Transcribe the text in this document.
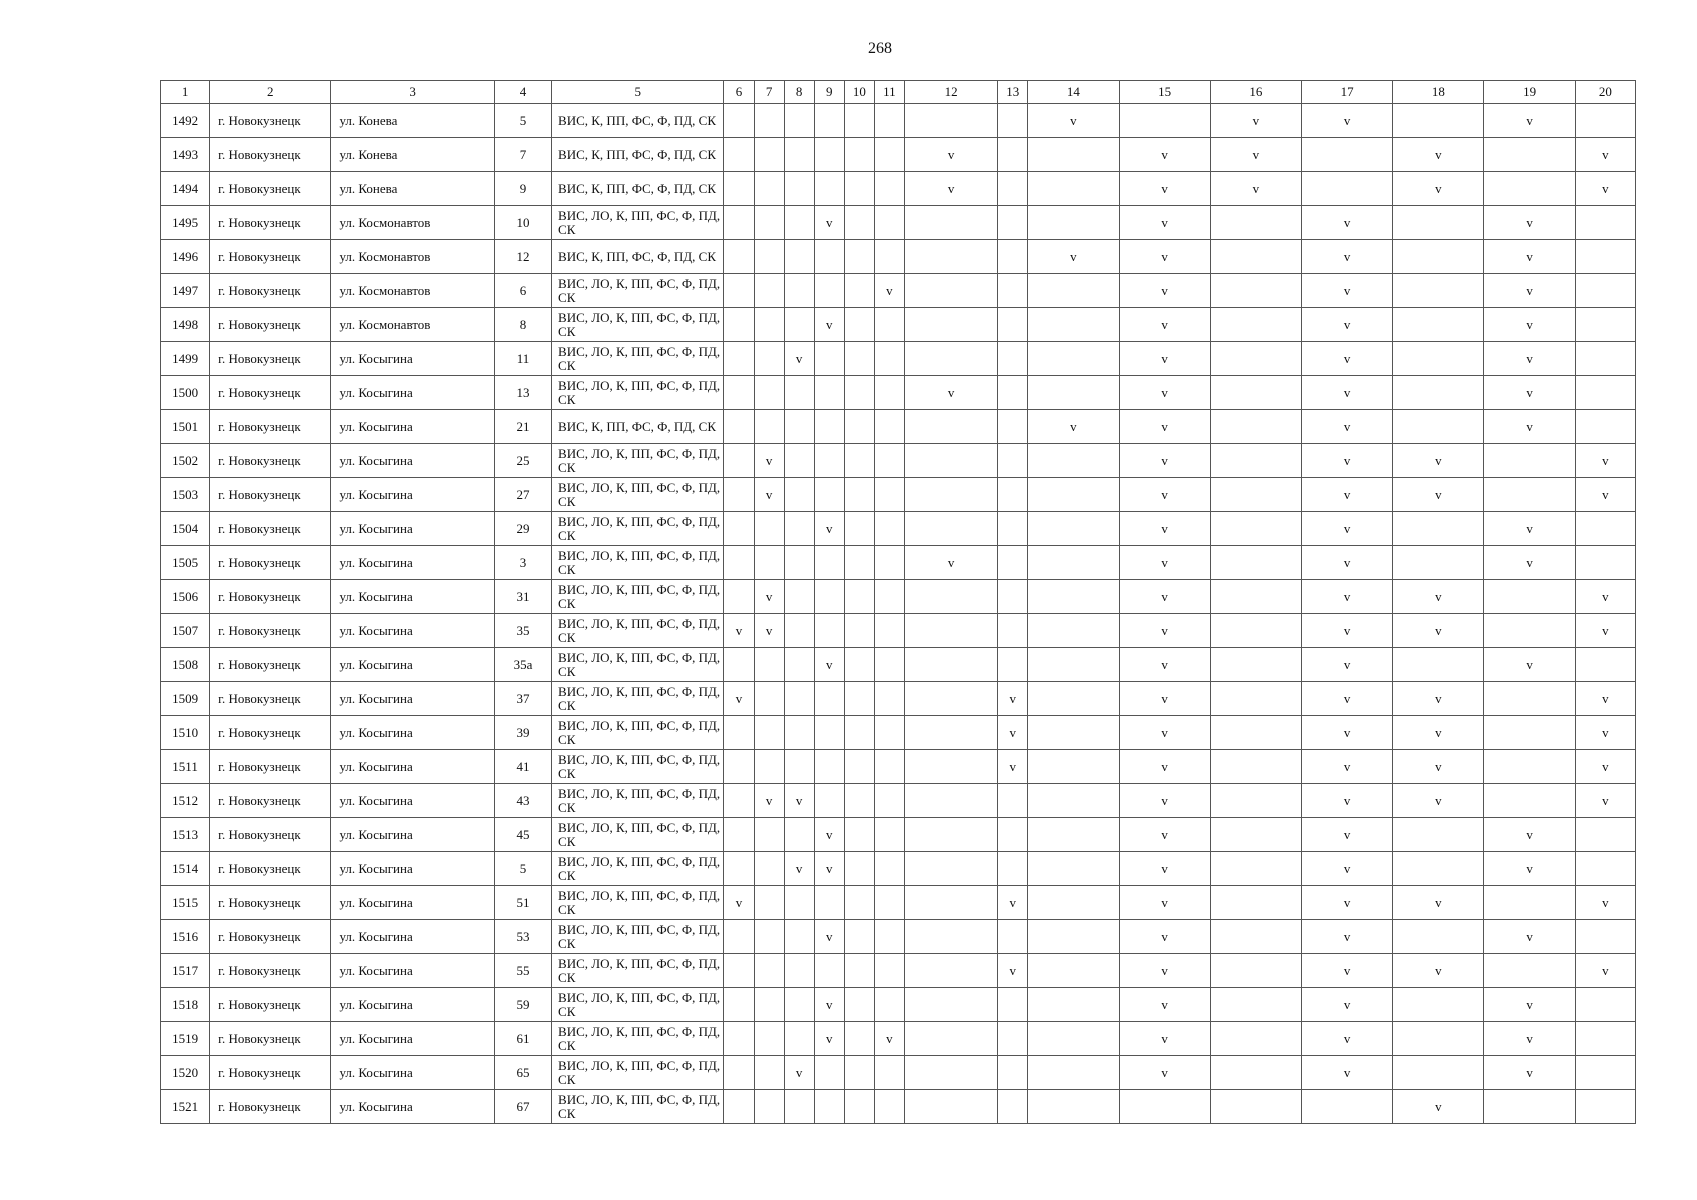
268
1	2	3	4	5	6	7	8	9	10	11	12	13	14	15	16	17	18	19	20
1492	г. Новокузнецк	ул. Конева	5	ВИС, К, ПП, ФС, Ф, ПД, СК									v		v	v		v	
1493	г. Новокузнецк	ул. Конева	7	ВИС, К, ПП, ФС, Ф, ПД, СК							v			v	v		v		v
1494	г. Новокузнецк	ул. Конева	9	ВИС, К, ПП, ФС, Ф, ПД, СК							v			v	v		v		v
1495	г. Новокузнецк	ул. Космонавтов	10	ВИС, ЛО, К, ПП, ФС, Ф, ПД, СК				v						v		v		v	
1496	г. Новокузнецк	ул. Космонавтов	12	ВИС, К, ПП, ФС, Ф, ПД, СК									v	v		v		v	
1497	г. Новокузнецк	ул. Космонавтов	6	ВИС, ЛО, К, ПП, ФС, Ф, ПД, СК						v				v		v		v	
1498	г. Новокузнецк	ул. Космонавтов	8	ВИС, ЛО, К, ПП, ФС, Ф, ПД, СК				v						v		v		v	
1499	г. Новокузнецк	ул. Косыгина	11	ВИС, ЛО, К, ПП, ФС, Ф, ПД, СК			v							v		v		v	
1500	г. Новокузнецк	ул. Косыгина	13	ВИС, ЛО, К, ПП, ФС, Ф, ПД, СК							v			v		v		v	
1501	г. Новокузнецк	ул. Косыгина	21	ВИС, К, ПП, ФС, Ф, ПД, СК									v	v		v		v	
1502	г. Новокузнецк	ул. Косыгина	25	ВИС, ЛО, К, ПП, ФС, Ф, ПД, СК		v								v		v	v		v
1503	г. Новокузнецк	ул. Косыгина	27	ВИС, ЛО, К, ПП, ФС, Ф, ПД, СК		v								v		v	v		v
1504	г. Новокузнецк	ул. Косыгина	29	ВИС, ЛО, К, ПП, ФС, Ф, ПД, СК				v						v		v		v	
1505	г. Новокузнецк	ул. Косыгина	3	ВИС, ЛО, К, ПП, ФС, Ф, ПД, СК							v			v		v		v	
1506	г. Новокузнецк	ул. Косыгина	31	ВИС, ЛО, К, ПП, ФС, Ф, ПД, СК		v								v		v	v		v
1507	г. Новокузнецк	ул. Косыгина	35	ВИС, ЛО, К, ПП, ФС, Ф, ПД, СК	v	v								v		v	v		v
1508	г. Новокузнецк	ул. Косыгина	35а	ВИС, ЛО, К, ПП, ФС, Ф, ПД, СК				v						v		v		v	
1509	г. Новокузнецк	ул. Косыгина	37	ВИС, ЛО, К, ПП, ФС, Ф, ПД, СК	v							v		v		v	v		v
1510	г. Новокузнецк	ул. Косыгина	39	ВИС, ЛО, К, ПП, ФС, Ф, ПД, СК								v		v		v	v		v
1511	г. Новокузнецк	ул. Косыгина	41	ВИС, ЛО, К, ПП, ФС, Ф, ПД, СК								v		v		v	v		v
1512	г. Новокузнецк	ул. Косыгина	43	ВИС, ЛО, К, ПП, ФС, Ф, ПД, СК		v	v							v		v	v		v
1513	г. Новокузнецк	ул. Косыгина	45	ВИС, ЛО, К, ПП, ФС, Ф, ПД, СК				v						v		v		v	
1514	г. Новокузнецк	ул. Косыгина	5	ВИС, ЛО, К, ПП, ФС, Ф, ПД, СК			v	v						v		v		v	
1515	г. Новокузнецк	ул. Косыгина	51	ВИС, ЛО, К, ПП, ФС, Ф, ПД, СК	v							v		v		v	v		v
1516	г. Новокузнецк	ул. Косыгина	53	ВИС, ЛО, К, ПП, ФС, Ф, ПД, СК				v						v		v		v	
1517	г. Новокузнецк	ул. Косыгина	55	ВИС, ЛО, К, ПП, ФС, Ф, ПД, СК								v		v		v	v		v
1518	г. Новокузнецк	ул. Косыгина	59	ВИС, ЛО, К, ПП, ФС, Ф, ПД, СК				v						v		v		v	
1519	г. Новокузнецк	ул. Косыгина	61	ВИС, ЛО, К, ПП, ФС, Ф, ПД, СК				v		v				v		v		v	
1520	г. Новокузнецк	ул. Косыгина	65	ВИС, ЛО, К, ПП, ФС, Ф, ПД, СК			v							v		v		v	
1521	г. Новокузнецк	ул. Косыгина	67	ВИС, ЛО, К, ПП, ФС, Ф, ПД, СК													v		
